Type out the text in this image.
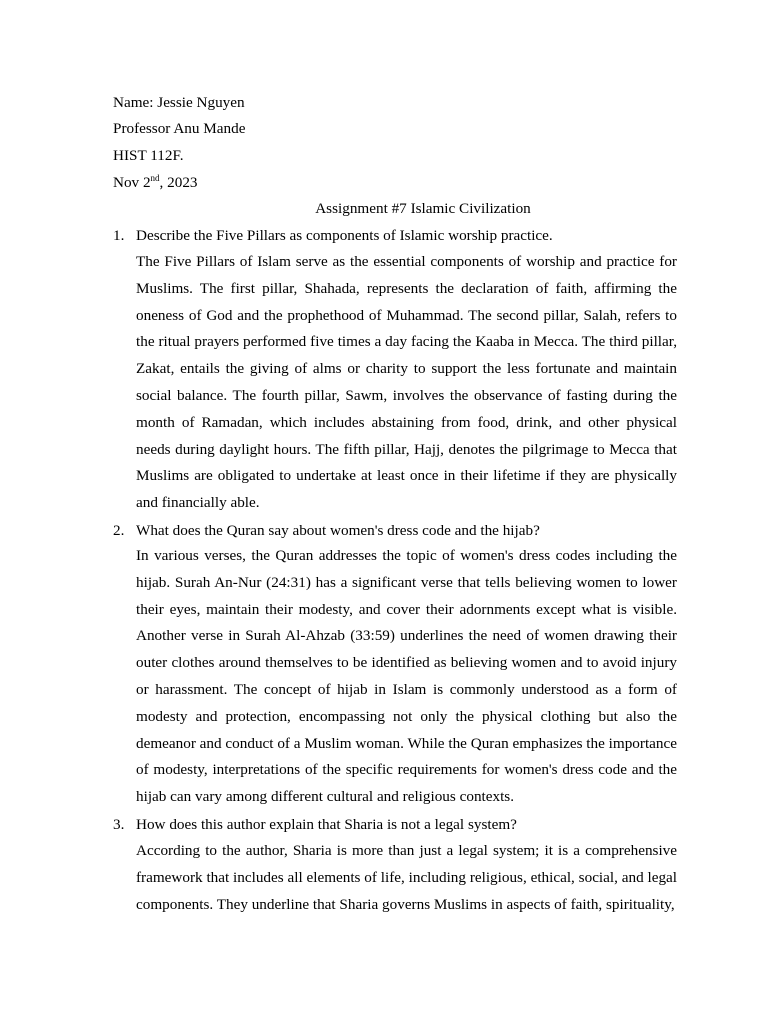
Name: Jessie Nguyen
Professor Anu Mande
HIST 112F.
Nov 2nd, 2023
Assignment #7 Islamic Civilization
1. Describe the Five Pillars as components of Islamic worship practice.

The Five Pillars of Islam serve as the essential components of worship and practice for Muslims. The first pillar, Shahada, represents the declaration of faith, affirming the oneness of God and the prophethood of Muhammad. The second pillar, Salah, refers to the ritual prayers performed five times a day facing the Kaaba in Mecca. The third pillar, Zakat, entails the giving of alms or charity to support the less fortunate and maintain social balance. The fourth pillar, Sawm, involves the observance of fasting during the month of Ramadan, which includes abstaining from food, drink, and other physical needs during daylight hours. The fifth pillar, Hajj, denotes the pilgrimage to Mecca that Muslims are obligated to undertake at least once in their lifetime if they are physically and financially able.

2. What does the Quran say about women's dress code and the hijab?

In various verses, the Quran addresses the topic of women's dress codes including the hijab. Surah An-Nur (24:31) has a significant verse that tells believing women to lower their eyes, maintain their modesty, and cover their adornments except what is visible. Another verse in Surah Al-Ahzab (33:59) underlines the need of women drawing their outer clothes around themselves to be identified as believing women and to avoid injury or harassment. The concept of hijab in Islam is commonly understood as a form of modesty and protection, encompassing not only the physical clothing but also the demeanor and conduct of a Muslim woman. While the Quran emphasizes the importance of modesty, interpretations of the specific requirements for women's dress code and the hijab can vary among different cultural and religious contexts.

3. How does this author explain that Sharia is not a legal system?

According to the author, Sharia is more than just a legal system; it is a comprehensive framework that includes all elements of life, including religious, ethical, social, and legal components. They underline that Sharia governs Muslims in aspects of faith, spirituality,
